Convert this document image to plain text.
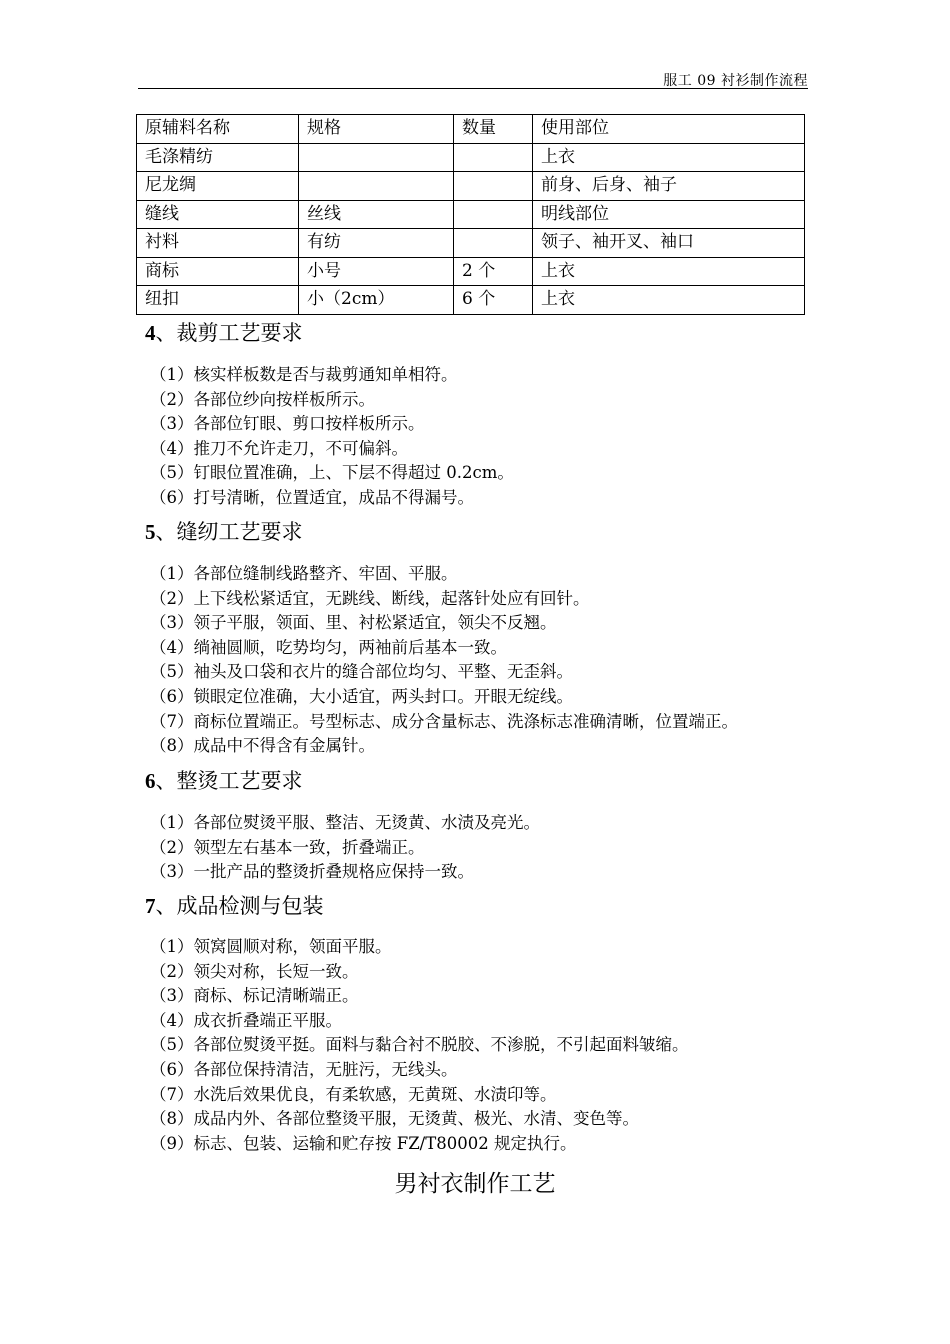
服工 09 衬衫制作流程
原辅料名称	规格	数量	使用部位
毛涤精纺			上衣
尼龙绸			前身、后身、袖子
缝线	丝线		明线部位
衬料	有纺		领子、袖开叉、袖口
商标	小号	2 个	上衣
纽扣	小（2cm）	6 个	上衣
4、裁剪工艺要求
（1）核实样板数是否与裁剪通知单相符。
（2）各部位纱向按样板所示。
（3）各部位钉眼、剪口按样板所示。
（4）推刀不允许走刀，不可偏斜。
（5）钉眼位置准确，上、下层不得超过 0.2cm。
（6）打号清晰，位置适宜，成品不得漏号。
5、缝纫工艺要求
（1）各部位缝制线路整齐、牢固、平服。
（2）上下线松紧适宜，无跳线、断线，起落针处应有回针。
（3）领子平服，领面、里、衬松紧适宜，领尖不反翘。
（4）绱袖圆顺，吃势均匀，两袖前后基本一致。
（5）袖头及口袋和衣片的缝合部位均匀、平整、无歪斜。
（6）锁眼定位准确，大小适宜，两头封口。开眼无绽线。
（7）商标位置端正。号型标志、成分含量标志、洗涤标志准确清晰，位置端正。
（8）成品中不得含有金属针。
6、整烫工艺要求
（1）各部位熨烫平服、整洁、无烫黄、水渍及亮光。
（2）领型左右基本一致，折叠端正。
（3）一批产品的整烫折叠规格应保持一致。
7、成品检测与包装
（1）领窝圆顺对称，领面平服。
（2）领尖对称，长短一致。
（3）商标、标记清晰端正。
（4）成衣折叠端正平服。
（5）各部位熨烫平挺。面料与黏合衬不脱胶、不渗脱，不引起面料皱缩。
（6）各部位保持清洁，无脏污，无线头。
（7）水洗后效果优良，有柔软感，无黄斑、水渍印等。
（8）成品内外、各部位整烫平服，无烫黄、极光、水清、变色等。
（9）标志、包装、运输和贮存按 FZ/T80002 规定执行。
男衬衣制作工艺
